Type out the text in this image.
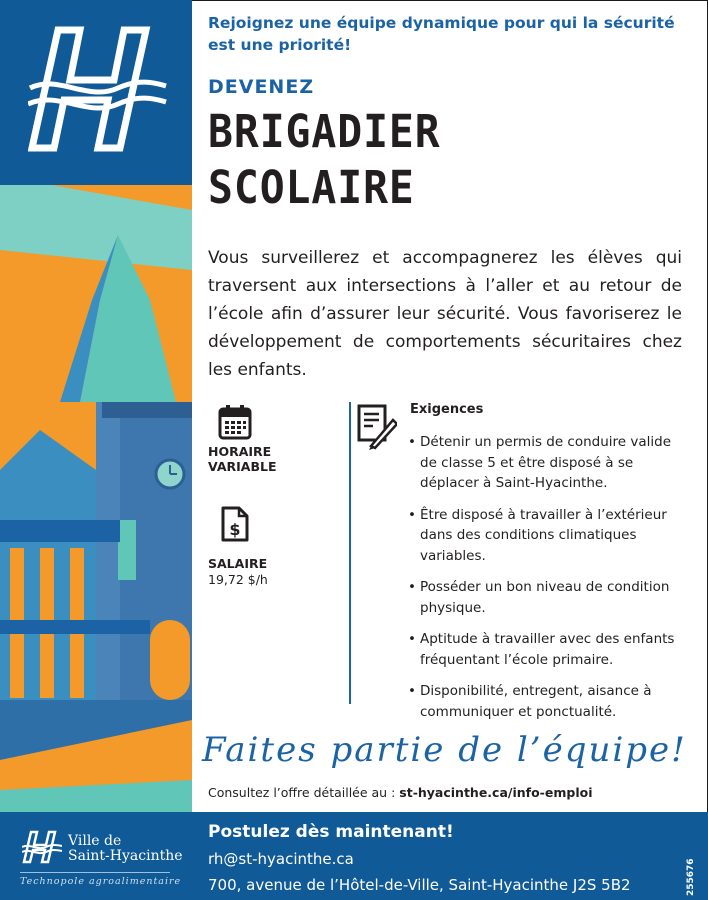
Rejoignez une équipe dynamique pour qui la sécurité est une priorité!
DEVENEZ
BRIGADIER
SCOLAIRE
Vous surveillerez et accompagnerez les élèves qui traversent aux intersections à l’aller et au retour de l’école afin d’assurer leur sécurité. Vous favoriserez le développement de comportements sécuritaires chez les enfants.
HORAIRE
VARIABLE
$
SALAIRE
19,72 $/h
Exigences
• Détenir un permis de conduire valide de classe 5 et être disposé à se déplacer à Saint-Hyacinthe.
• Être disposé à travailler à l’extérieur dans des conditions climatiques variables.
• Posséder un bon niveau de condition physique.
• Aptitude à travailler avec des enfants fréquentant l’école primaire.
• Disponibilité, entregent, aisance à communiquer et ponctualité.
Faites partie de l’équipe!
Consultez l’offre détaillée au : st-hyacinthe.ca/info-emploi
Ville de
Saint-Hyacinthe
Technopole agroalimentaire
Postulez dès maintenant!
rh@st-hyacinthe.ca
700, avenue de l’Hôtel-de-Ville, Saint-Hyacinthe J2S 5B2	255676
